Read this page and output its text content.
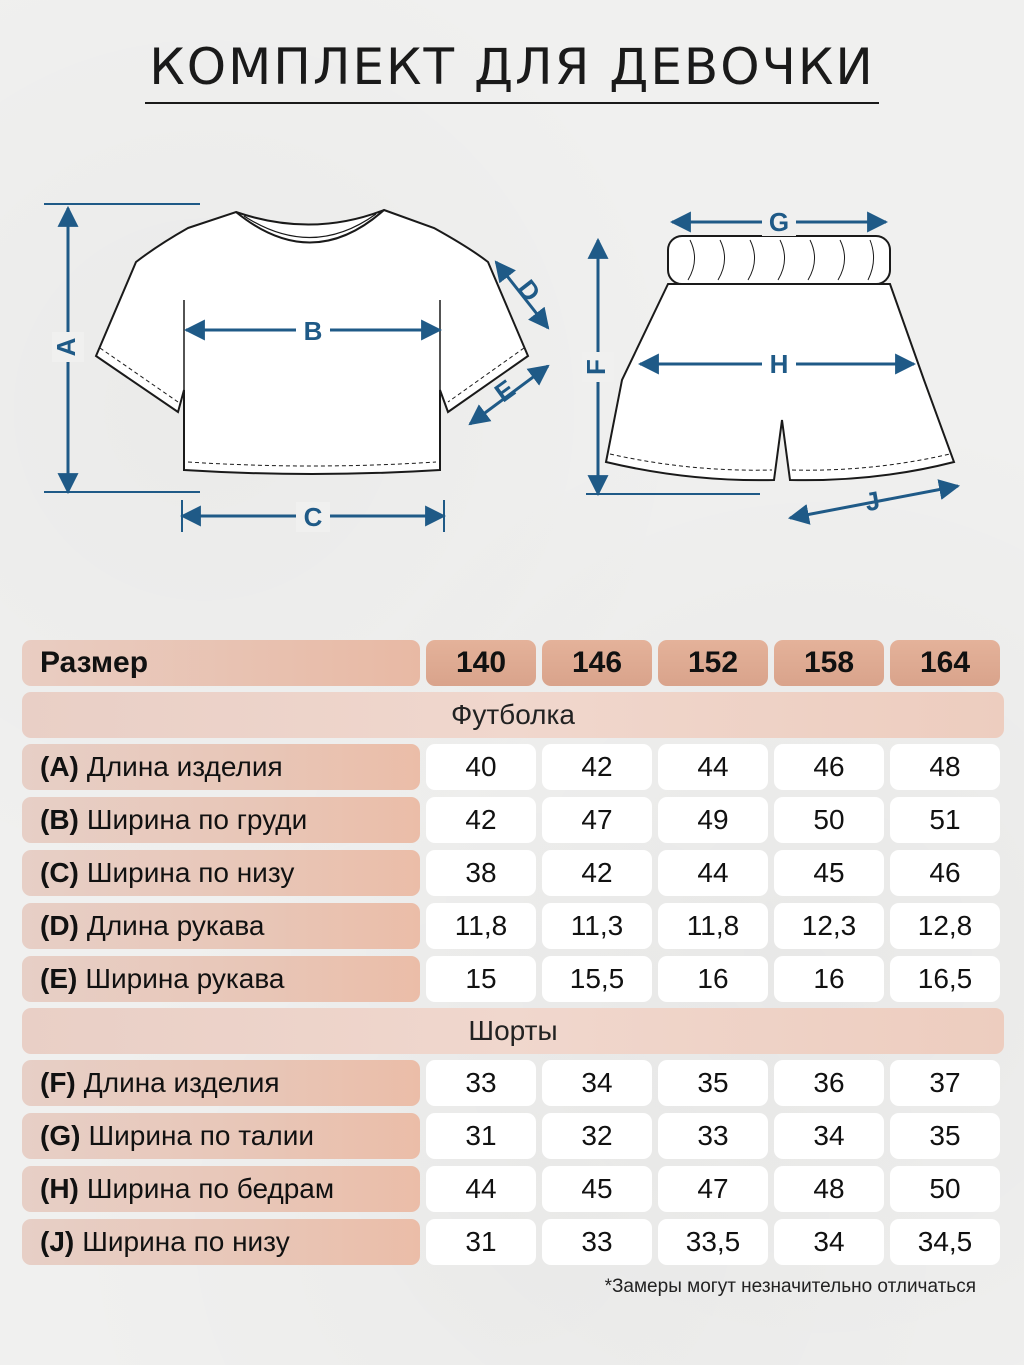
КОМПЛЕКТ ДЛЯ ДЕВОЧКИ
A
B
C
D
E
G
F	H
J
Размер	140	146	152	158	164
Футболка
(A) Длина изделия	40	42	44	46	48
(B) Ширина по груди	42	47	49	50	51
(C) Ширина по низу	38	42	44	45	46
(D) Длина рукава	11,8	11,3	11,8	12,3	12,8
(E) Ширина рукава	15	15,5	16	16	16,5
Шорты
(F) Длина изделия	33	34	35	36	37
(G) Ширина по талии	31	32	33	34	35
(H) Ширина по бедрам	44	45	47	48	50
(J) Ширина по низу	31	33	33,5	34	34,5
*Замеры могут незначительно отличаться
